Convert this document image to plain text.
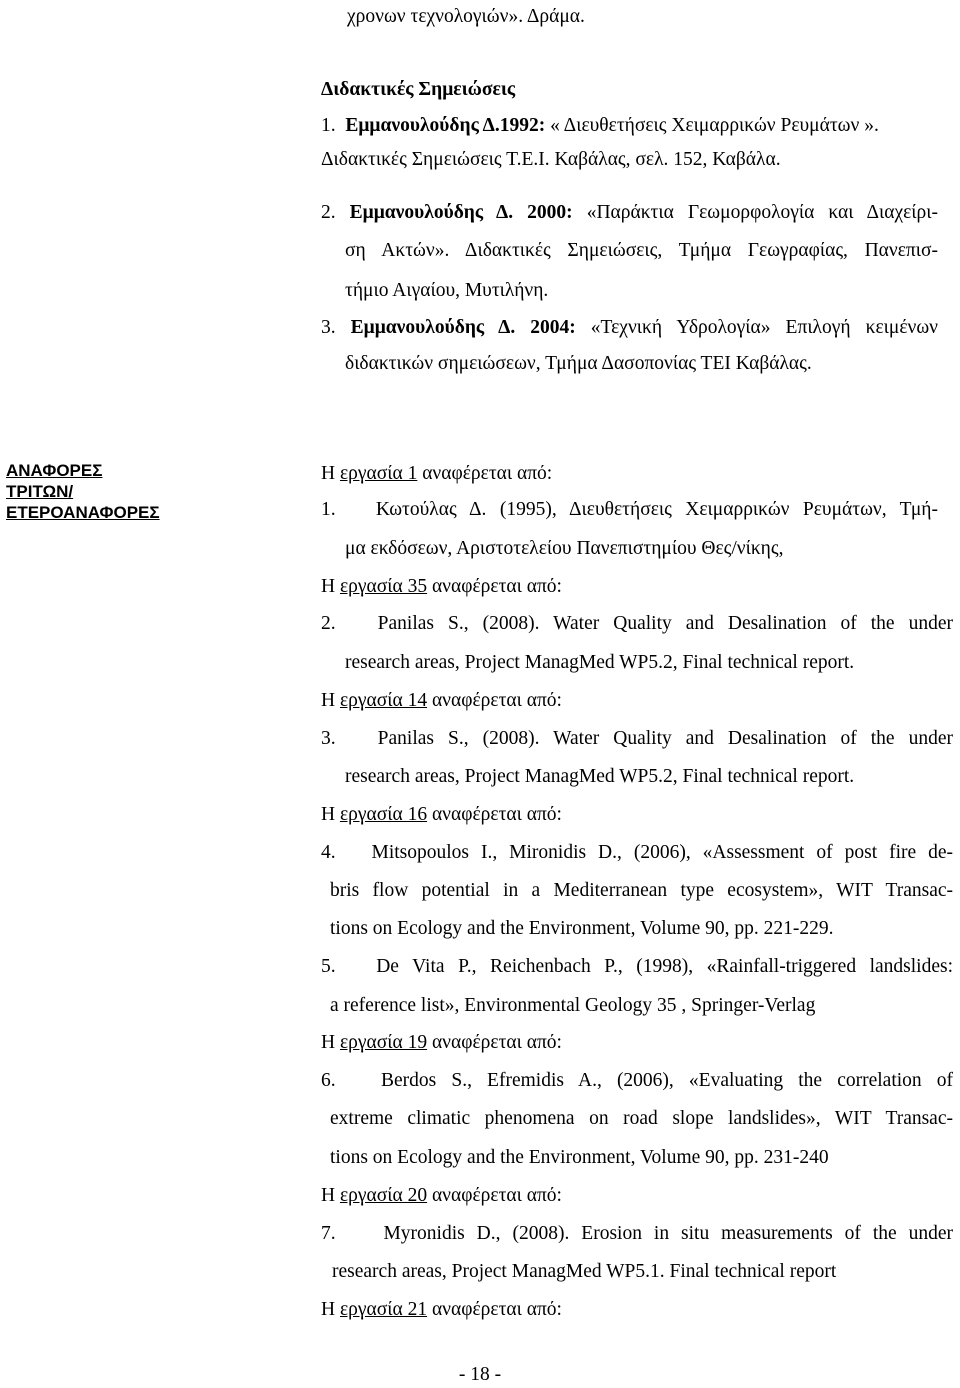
χρονων τεχνολογιών». Δράμα.
Διδακτικές Σημειώσεις
1. Εμμανουλούδης Δ.1992: « Διευθετήσεις Χειμαρρικών Ρευμάτων ».
Διδακτικές Σημειώσεις Τ.Ε.Ι. Καβάλας, σελ. 152, Καβάλα.
2. Εμμανουλούδης Δ. 2000: «Παράκτια Γεωμορφολογία και Διαχείρι-
ση Ακτών». Διδακτικές Σημειώσεις, Τμήμα Γεωγραφίας, Πανεπισ-
τήμιο Αιγαίου, Μυτιλήνη.
3. Εμμανουλούδης Δ. 2004: «Τεχνική Υδρολογία» Επιλογή κειμένων
διδακτικών σημειώσεων, Τμήμα Δασοπονίας ΤΕΙ Καβάλας.
ΑΝΑΦΟΡΕΣ
ΤΡΙΤΩΝ/
ΕΤΕΡΟΑΝΑΦΟΡΕΣ
Η εργασία 1 αναφέρεται από:
1. Κωτούλας Δ. (1995), Διευθετήσεις Χειμαρρικών Ρευμάτων, Τμή-
μα εκδόσεων, Αριστοτελείου Πανεπιστημίου Θες/νίκης,
Η εργασία 35 αναφέρεται από:
2. Panilas S., (2008). Water Quality and Desalination of the under
research areas, Project ManagMed WP5.2, Final technical report.
Η εργασία 14 αναφέρεται από:
3. Panilas S., (2008). Water Quality and Desalination of the under
research areas, Project ManagMed WP5.2, Final technical report.
Η εργασία 16 αναφέρεται από:
4. Mitsopoulos I., Mironidis D., (2006), «Assessment of post fire de-
bris flow potential in a Mediterranean type ecosystem», WIT Transac-
tions on Ecology and the Environment, Volume 90, pp. 221-229.
5. De Vita P., Reichenbach P., (1998), «Rainfall-triggered landslides:
a reference list», Environmental Geology 35 , Springer-Verlag
Η εργασία 19 αναφέρεται από:
6. Berdos S., Efremidis A., (2006), «Evaluating the correlation of
extreme climatic phenomena on road slope landslides», WIT Transac-
tions on Ecology and the Environment, Volume 90, pp. 231-240
Η εργασία 20 αναφέρεται από:
7. Myronidis D., (2008). Erosion in situ measurements of the under
research areas, Project ManagMed WP5.1. Final technical report
Η εργασία 21 αναφέρεται από:
- 18 -
